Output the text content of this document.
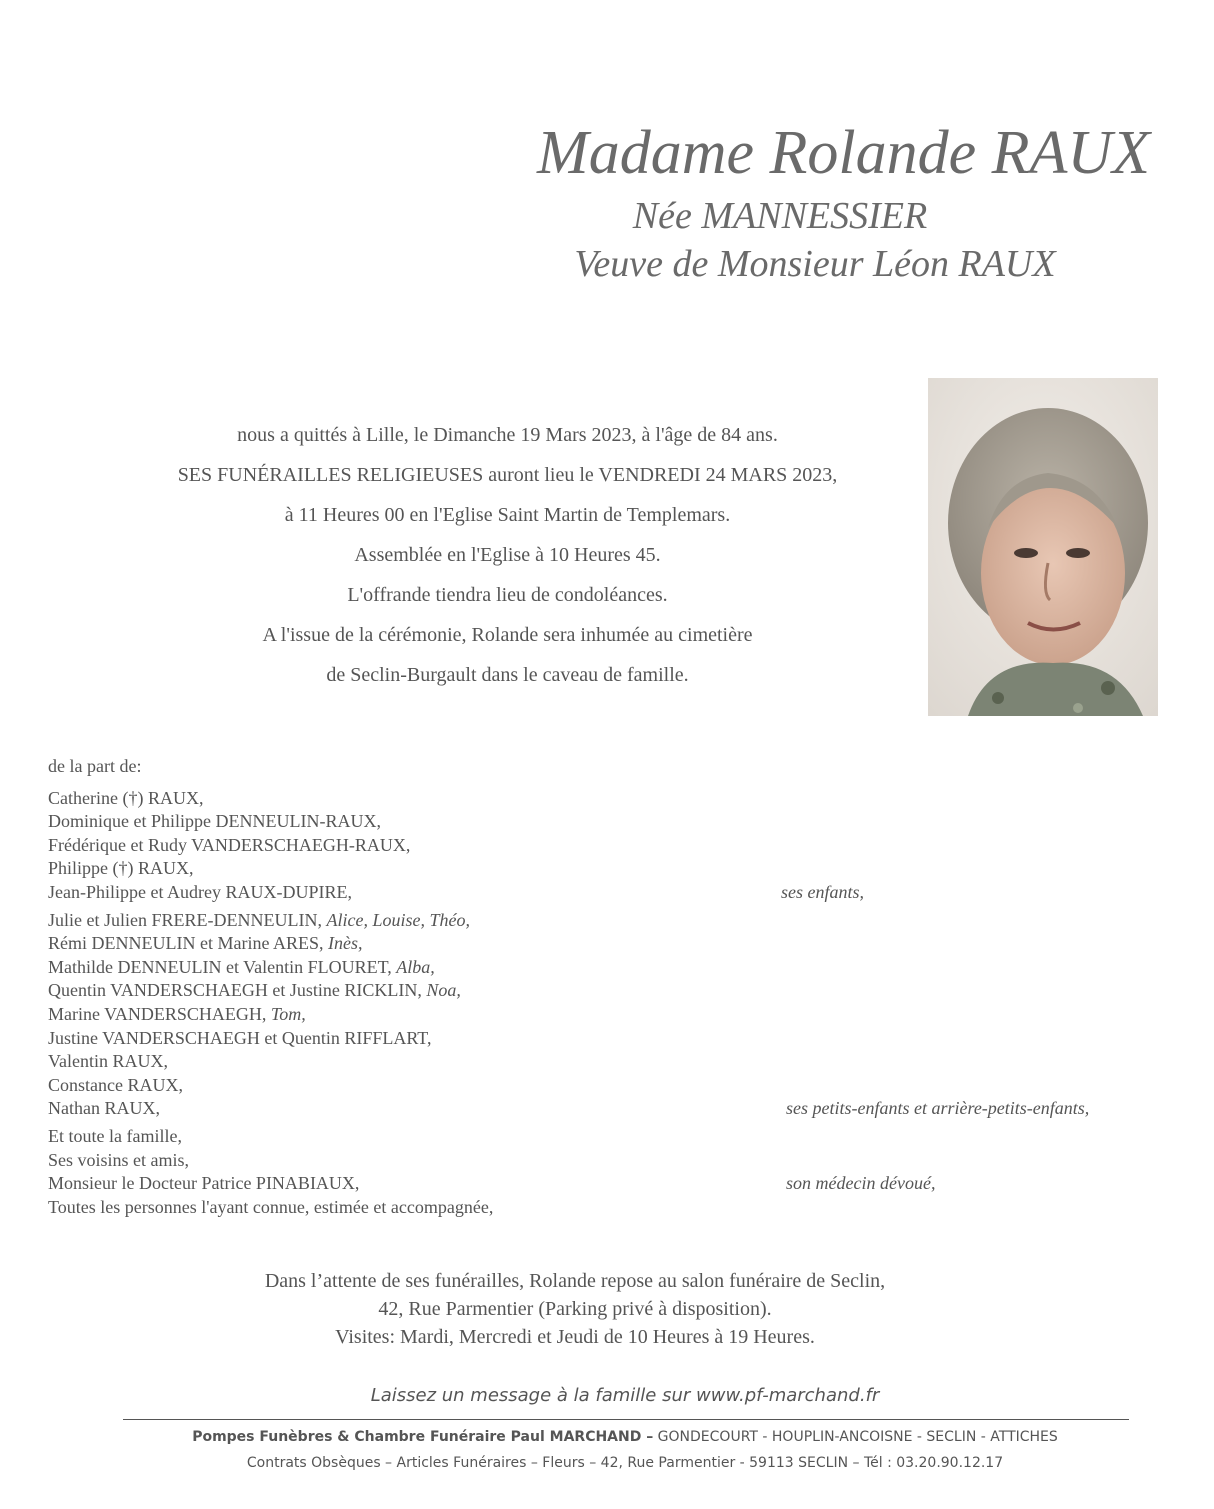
Madame Rolande RAUX
Née MANNESSIER
Veuve de Monsieur Léon RAUX
nous a quittés à Lille, le Dimanche 19 Mars 2023, à l'âge de 84 ans.
SES FUNÉRAILLES RELIGIEUSES auront lieu le VENDREDI 24 MARS 2023,
à 11 Heures 00 en l'Eglise Saint Martin de Templemars.
Assemblée en l'Eglise à 10 Heures 45.
L'offrande tiendra lieu de condoléances.
A l'issue de la cérémonie, Rolande sera inhumée au cimetière
de Seclin-Burgault dans le caveau de famille.
de la part de:
Catherine (†) RAUX,
Dominique et Philippe DENNEULIN-RAUX,
Frédérique et Rudy VANDERSCHAEGH-RAUX,
Philippe (†) RAUX,
Jean-Philippe et Audrey RAUX-DUPIRE,	ses enfants,
Julie et Julien FRERE-DENNEULIN, Alice, Louise, Théo,
Rémi DENNEULIN et Marine ARES, Inès,
Mathilde DENNEULIN et Valentin FLOURET, Alba,
Quentin VANDERSCHAEGH et Justine RICKLIN, Noa,
Marine VANDERSCHAEGH, Tom,
Justine VANDERSCHAEGH et Quentin RIFFLART,
Valentin RAUX,
Constance RAUX,
Nathan RAUX,	ses petits-enfants et arrière-petits-enfants,
Et toute la famille,
Ses voisins et amis,
Monsieur le Docteur Patrice PINABIAUX,	son médecin dévoué,
Toutes les personnes l'ayant connue, estimée et accompagnée,
Dans l’attente de ses funérailles, Rolande repose au salon funéraire de Seclin,
42, Rue Parmentier (Parking privé à disposition).
Visites: Mardi, Mercredi et Jeudi de 10 Heures à 19 Heures.
Laissez un message à la famille sur www.pf-marchand.fr
Pompes Funèbres & Chambre Funéraire Paul MARCHAND – GONDECOURT - HOUPLIN-ANCOISNE - SECLIN - ATTICHES
Contrats Obsèques – Articles Funéraires – Fleurs – 42, Rue Parmentier - 59113 SECLIN – Tél : 03.20.90.12.17
